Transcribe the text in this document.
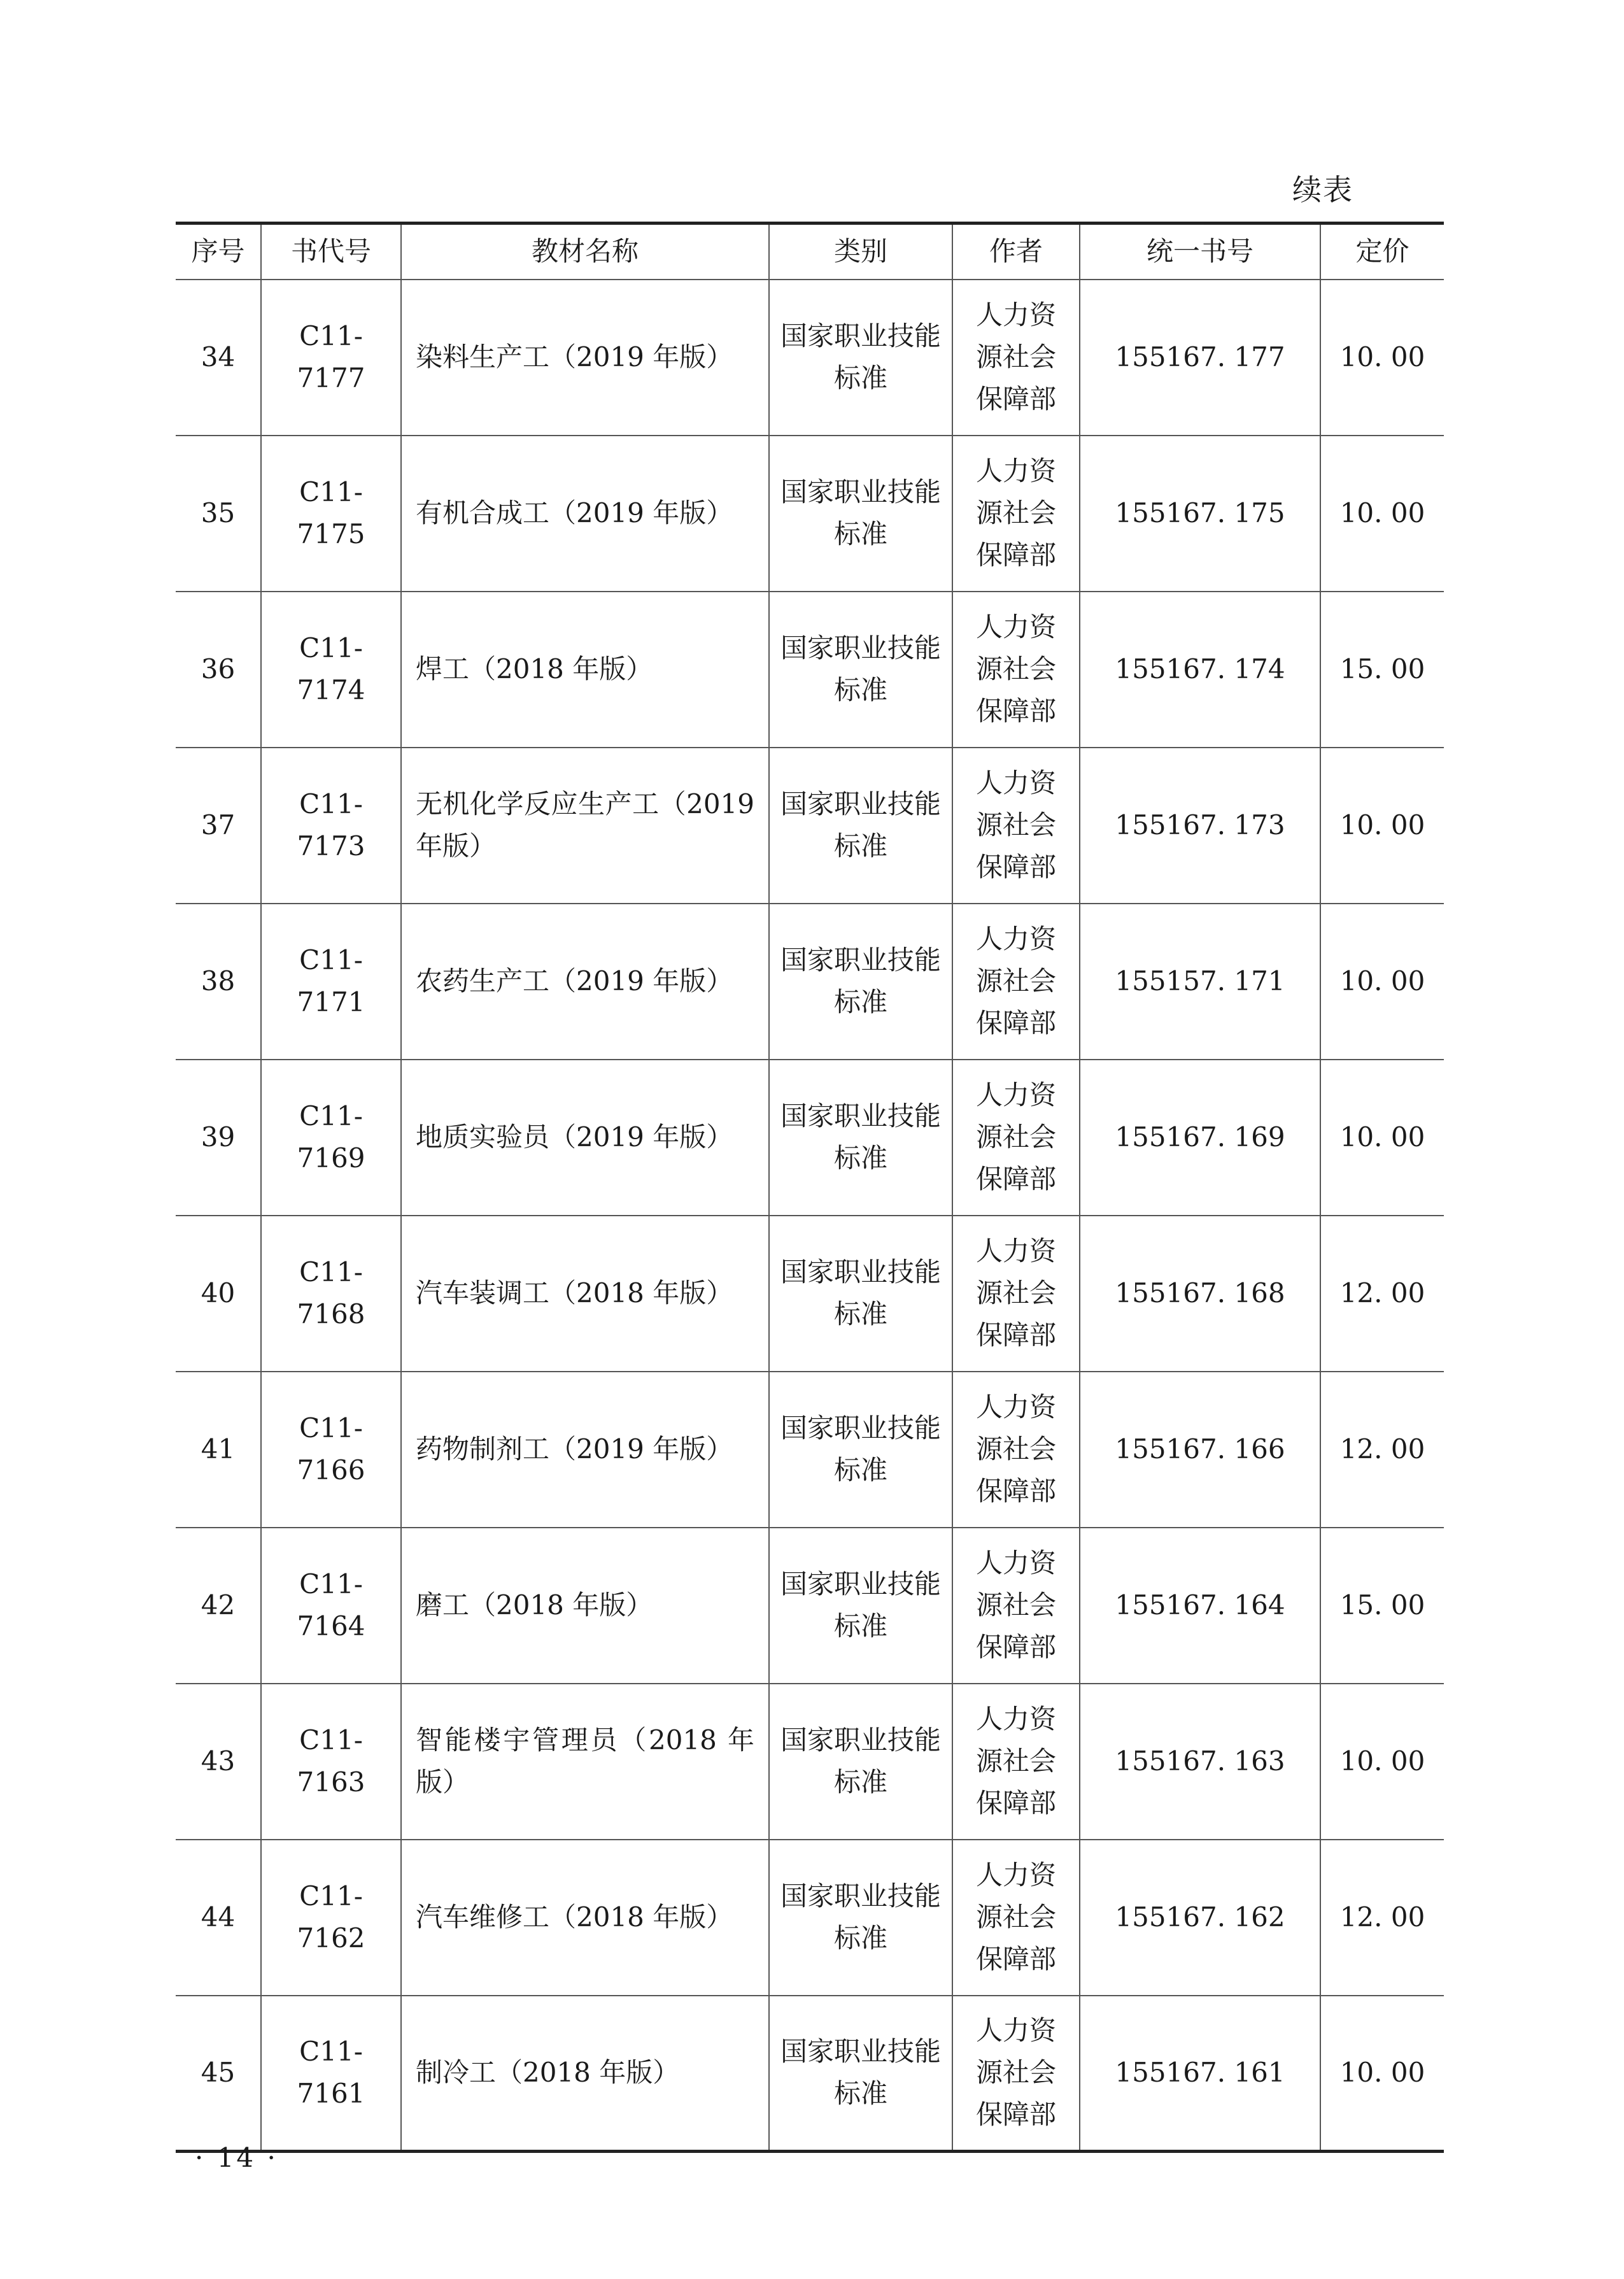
续表
序号	书代号	教材名称	类别	作者	统一书号	定价
34	C11-7177	染料生产工（2019 年版）	国家职业技能标准	人力资源社会保障部	155167. 177	10. 00
35	C11-7175	有机合成工（2019 年版）	国家职业技能标准	人力资源社会保障部	155167. 175	10. 00
36	C11-7174	焊工（2018 年版）	国家职业技能标准	人力资源社会保障部	155167. 174	15. 00
37	C11-7173	无机化学反应生产工（2019 年版）	国家职业技能标准	人力资源社会保障部	155167. 173	10. 00
38	C11-7171	农药生产工（2019 年版）	国家职业技能标准	人力资源社会保障部	155157. 171	10. 00
39	C11-7169	地质实验员（2019 年版）	国家职业技能标准	人力资源社会保障部	155167. 169	10. 00
40	C11-7168	汽车装调工（2018 年版）	国家职业技能标准	人力资源社会保障部	155167. 168	12. 00
41	C11-7166	药物制剂工（2019 年版）	国家职业技能标准	人力资源社会保障部	155167. 166	12. 00
42	C11-7164	磨工（2018 年版）	国家职业技能标准	人力资源社会保障部	155167. 164	15. 00
43	C11-7163	智能楼宇管理员（2018 年版）	国家职业技能标准	人力资源社会保障部	155167. 163	10. 00
44	C11-7162	汽车维修工（2018 年版）	国家职业技能标准	人力资源社会保障部	155167. 162	12. 00
45	C11-7161	制冷工（2018 年版）	国家职业技能标准	人力资源社会保障部	155167. 161	10. 00
· 14 ·
